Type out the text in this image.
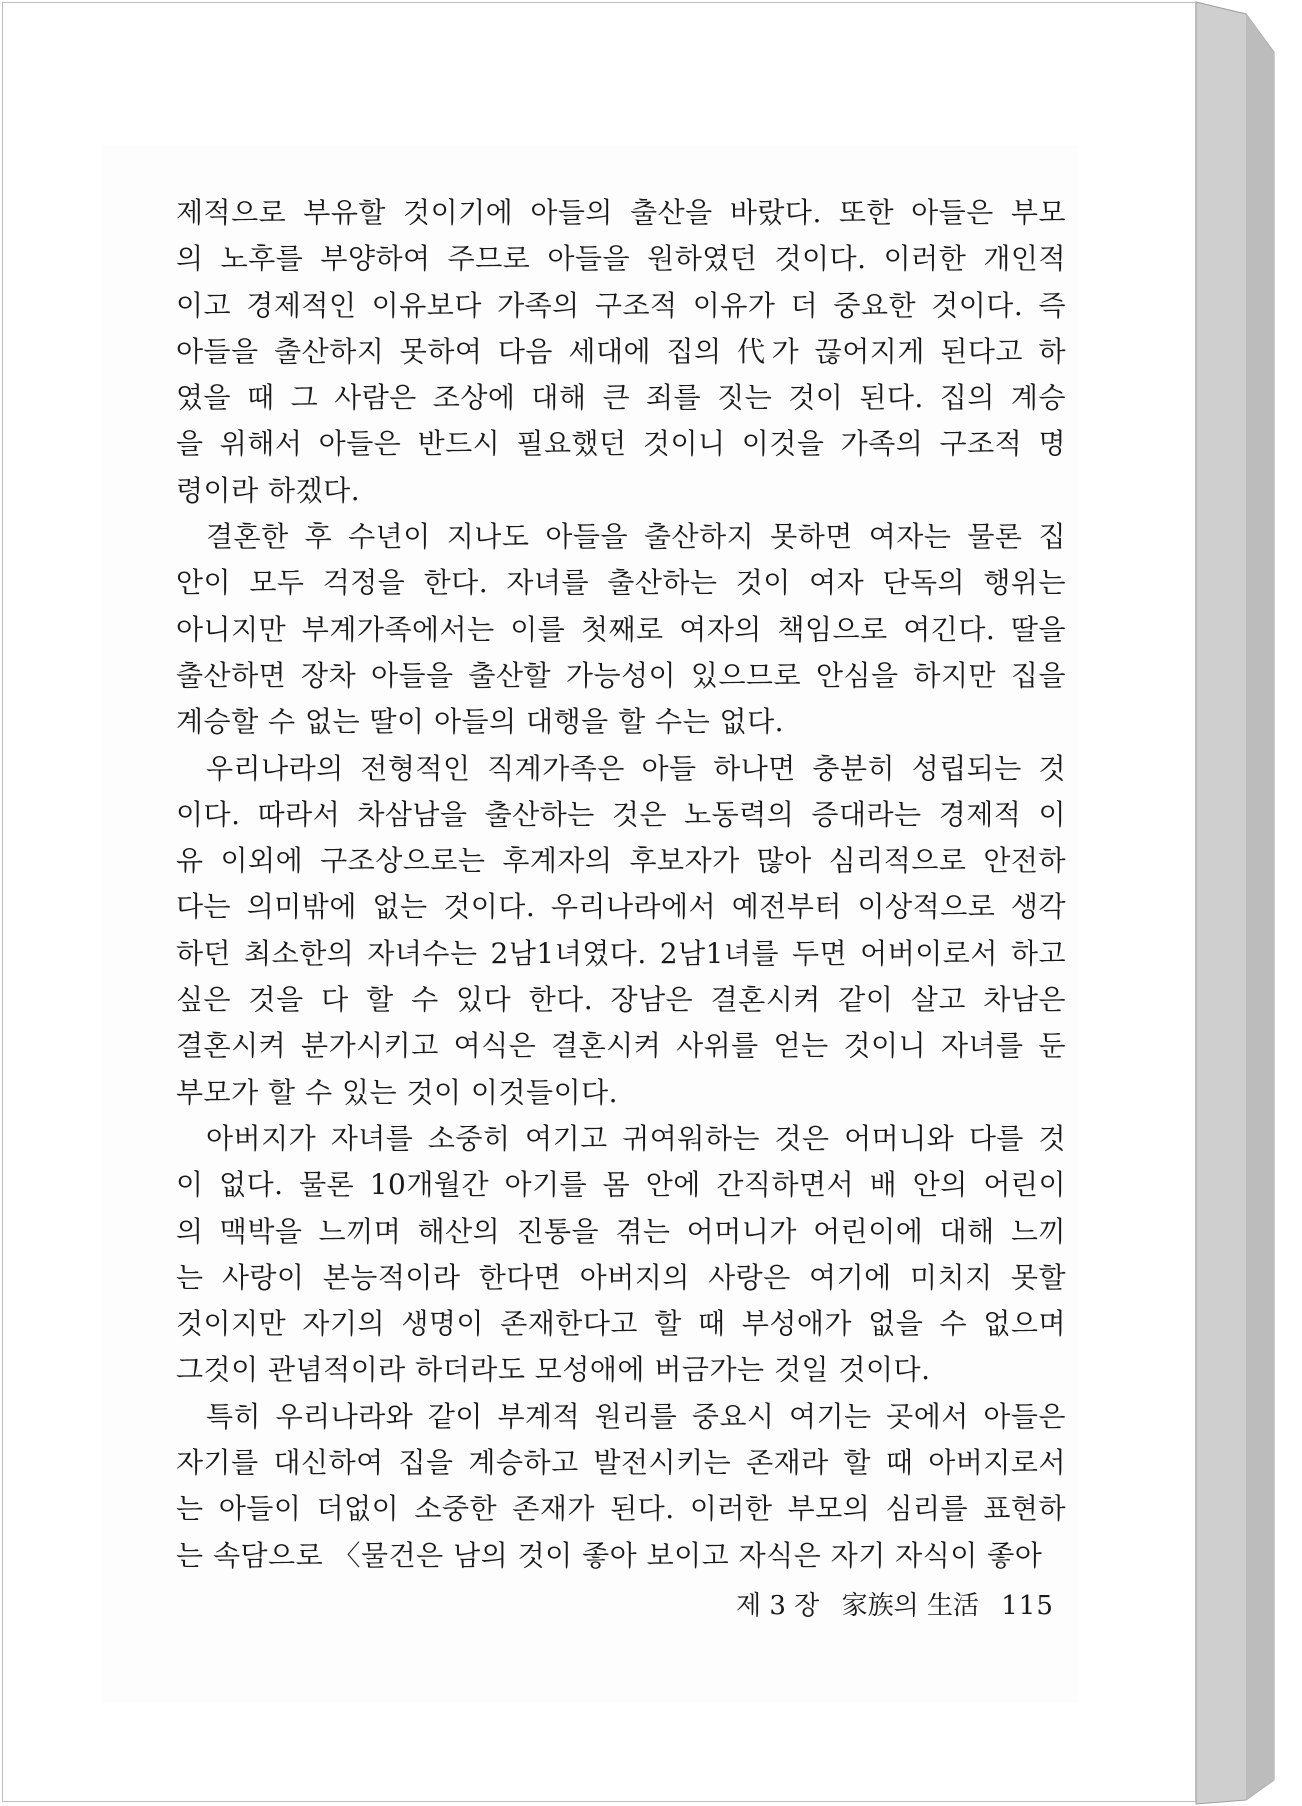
제적으로 부유할 것이기에 아들의 출산을 바랐다. 또한 아들은 부모
의 노후를 부양하여 주므로 아들을 원하였던 것이다. 이러한 개인적
이고 경제적인 이유보다 가족의 구조적 이유가 더 중요한 것이다. 즉
아들을 출산하지 못하여 다음 세대에 집의 代가 끊어지게 된다고 하
였을 때 그 사람은 조상에 대해 큰 죄를 짓는 것이 된다. 집의 계승
을 위해서 아들은 반드시 필요했던 것이니 이것을 가족의 구조적 명
령이라 하겠다.
결혼한 후 수년이 지나도 아들을 출산하지 못하면 여자는 물론 집
안이 모두 걱정을 한다. 자녀를 출산하는 것이 여자 단독의 행위는
아니지만 부계가족에서는 이를 첫째로 여자의 책임으로 여긴다. 딸을
출산하면 장차 아들을 출산할 가능성이 있으므로 안심을 하지만 집을
계승할 수 없는 딸이 아들의 대행을 할 수는 없다.
우리나라의 전형적인 직계가족은 아들 하나면 충분히 성립되는 것
이다. 따라서 차삼남을 출산하는 것은 노동력의 증대라는 경제적 이
유 이외에 구조상으로는 후계자의 후보자가 많아 심리적으로 안전하
다는 의미밖에 없는 것이다. 우리나라에서 예전부터 이상적으로 생각
하던 최소한의 자녀수는 2남1녀였다. 2남1녀를 두면 어버이로서 하고
싶은 것을 다 할 수 있다 한다. 장남은 결혼시켜 같이 살고 차남은
결혼시켜 분가시키고 여식은 결혼시켜 사위를 얻는 것이니 자녀를 둔
부모가 할 수 있는 것이 이것들이다.
아버지가 자녀를 소중히 여기고 귀여워하는 것은 어머니와 다를 것
이 없다. 물론 10개월간 아기를 몸 안에 간직하면서 배 안의 어린이
의 맥박을 느끼며 해산의 진통을 겪는 어머니가 어린이에 대해 느끼
는 사랑이 본능적이라 한다면 아버지의 사랑은 여기에 미치지 못할
것이지만 자기의 생명이 존재한다고 할 때 부성애가 없을 수 없으며
그것이 관념적이라 하더라도 모성애에 버금가는 것일 것이다.
특히 우리나라와 같이 부계적 원리를 중요시 여기는 곳에서 아들은
자기를 대신하여 집을 계승하고 발전시키는 존재라 할 때 아버지로서
는 아들이 더없이 소중한 존재가 된다. 이러한 부모의 심리를 표현하
는 속담으로 〈물건은 남의 것이 좋아 보이고 자식은 자기 자식이 좋아
제 3 장 家族의 生活 115
